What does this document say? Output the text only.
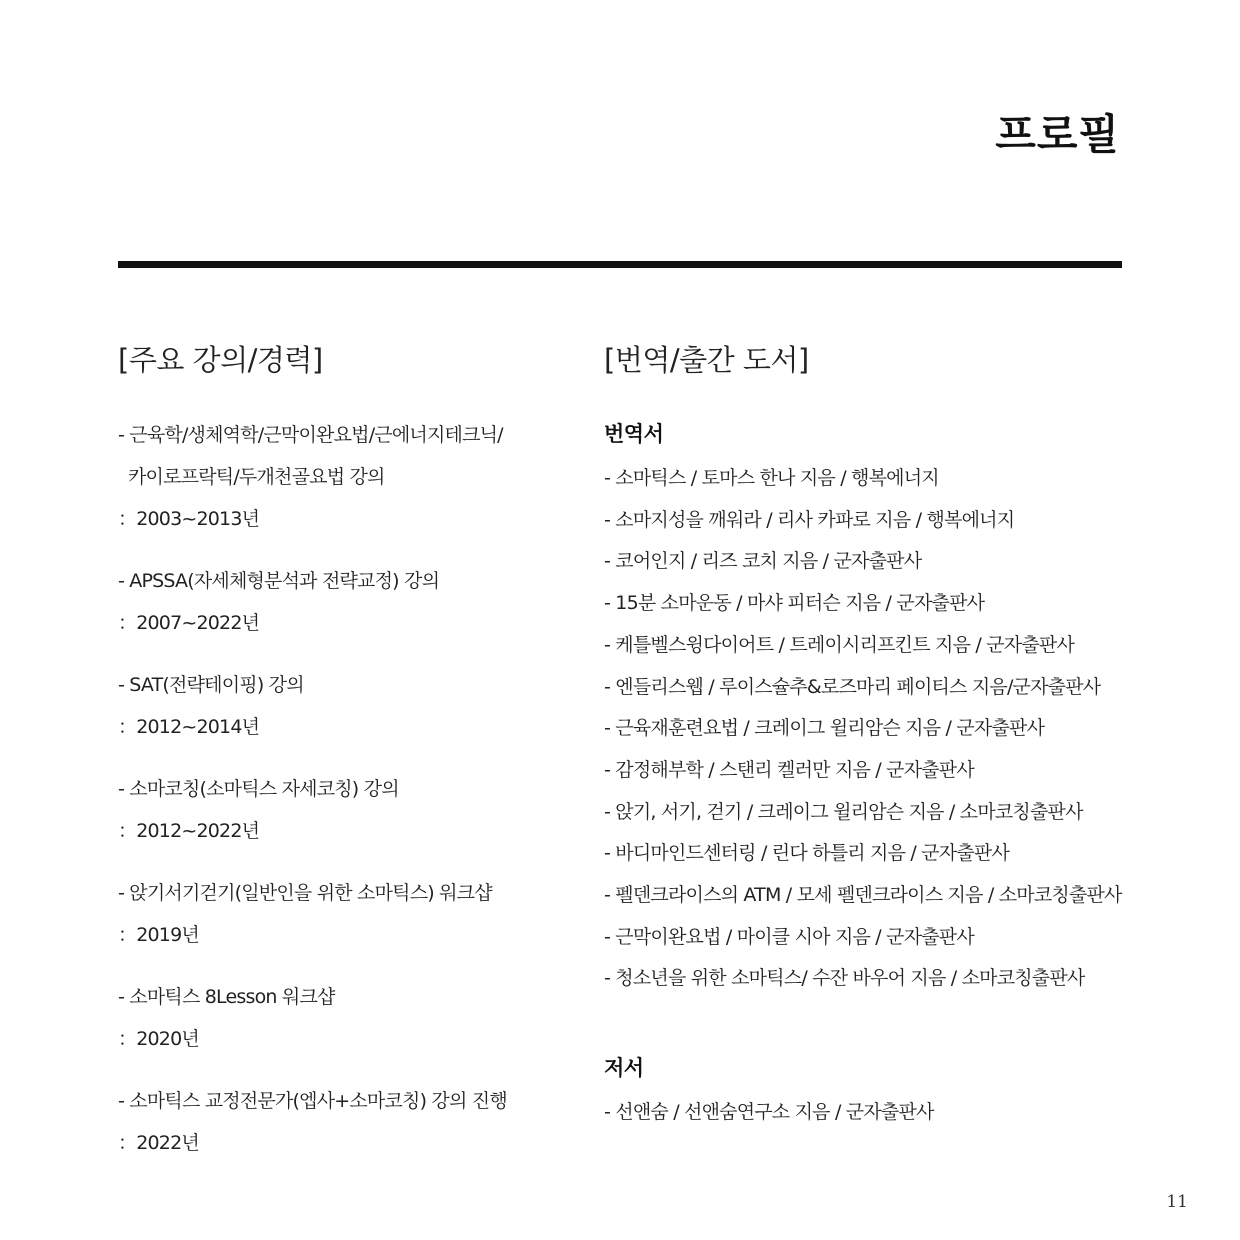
프로필
[주요 강의/경력]
- 근육학/생체역학/근막이완요법/근에너지테크닉/
카이로프락틱/두개천골요법 강의
：2003~2013년
- APSSA(자세체형분석과 전략교정) 강의
：2007~2022년
- SAT(전략테이핑) 강의
：2012~2014년
- 소마코칭(소마틱스 자세코칭) 강의
：2012~2022년
- 앉기서기걷기(일반인을 위한 소마틱스) 워크샵
：2019년
- 소마틱스 8Lesson 워크샵
：2020년
- 소마틱스 교정전문가(엡사+소마코칭) 강의 진행
：2022년
[번역/출간 도서]
번역서
- 소마틱스 / 토마스 한나 지음 / 행복에너지
- 소마지성을 깨워라 / 리사 카파로 지음 / 행복에너지
- 코어인지 / 리즈 코치 지음 / 군자출판사
- 15분 소마운동 / 마샤 피터슨 지음 / 군자출판사
- 케틀벨스윙다이어트 / 트레이시리프킨트 지음 / 군자출판사
- 엔들리스웹 / 루이스슐추&로즈마리 페이티스 지음/군자출판사
- 근육재훈련요법 / 크레이그 윌리암슨 지음 / 군자출판사
- 감정해부학 / 스탠리 켈러만 지음 / 군자출판사
- 앉기, 서기, 걷기 / 크레이그 윌리암슨 지음 / 소마코칭출판사
- 바디마인드센터링 / 린다 하틀리 지음 / 군자출판사
- 펠덴크라이스의 ATM / 모세 펠덴크라이스 지음 / 소마코칭출판사
- 근막이완요법 / 마이클 시아 지음 / 군자출판사
- 청소년을 위한 소마틱스/ 수잔 바우어 지음 / 소마코칭출판사
저서
- 선앤숨 / 선앤숨연구소 지음 / 군자출판사
11
